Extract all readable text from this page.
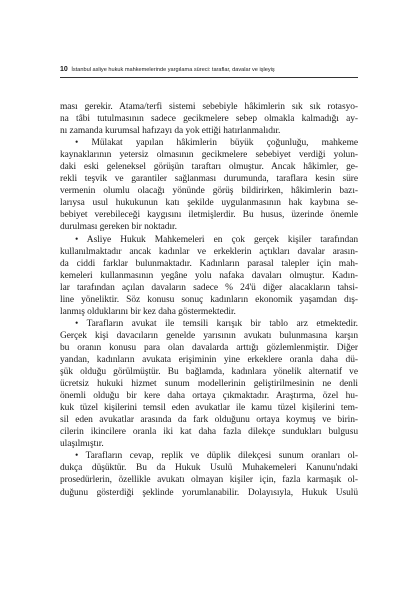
10 İstanbul asliye hukuk mahkemelerinde yargılama süreci: taraflar, davalar ve işleyiş
ması gerekir. Atama/terfi sistemi sebebiyle hâkimlerin sık sık rotasyo-
na tâbi tutulmasının sadece gecikmelere sebep olmakla kalmadığı ay-
nı zamanda kurumsal hafızayı da yok ettiği hatırlanmalıdır.
• Mülakat yapılan hâkimlerin büyük çoğunluğu, mahkeme
kaynaklarının yetersiz olmasının gecikmelere sebebiyet verdiği yolun-
daki eski geleneksel görüşün taraftarı olmuştur. Ancak hâkimler, ge-
rekli teşvik ve garantiler sağlanması durumunda, taraflara kesin süre
vermenin olumlu olacağı yönünde görüş bildirirken, hâkimlerin bazı-
larıysa usul hukukunun katı şekilde uygulanmasının hak kaybına se-
bebiyet verebileceği kaygısını iletmişlerdir. Bu husus, üzerinde önemle
durulması gereken bir noktadır.
• Asliye Hukuk Mahkemeleri en çok gerçek kişiler tarafından
kullanılmaktadır ancak kadınlar ve erkeklerin açtıkları davalar arasın-
da ciddi farklar bulunmaktadır. Kadınların parasal talepler için mah-
kemeleri kullanmasının yegâne yolu nafaka davaları olmuştur. Kadın-
lar tarafından açılan davaların sadece % 24'ü diğer alacakların tahsi-
line yöneliktir. Söz konusu sonuç kadınların ekonomik yaşamdan dış-
lanmış olduklarını bir kez daha göstermektedir.
• Tarafların avukat ile temsili karışık bir tablo arz etmektedir.
Gerçek kişi davacıların genelde yarısının avukatı bulunmasına karşın
bu oranın konusu para olan davalarda arttığı gözlemlenmiştir. Diğer
yandan, kadınların avukata erişiminin yine erkeklere oranla daha dü-
şük olduğu görülmüştür. Bu bağlamda, kadınlara yönelik alternatif ve
ücretsiz hukuki hizmet sunum modellerinin geliştirilmesinin ne denli
önemli olduğu bir kere daha ortaya çıkmaktadır. Araştırma, özel hu-
kuk tüzel kişilerini temsil eden avukatlar ile kamu tüzel kişilerini tem-
sil eden avukatlar arasında da fark olduğunu ortaya koymuş ve birin-
cilerin ikincilere oranla iki kat daha fazla dilekçe sundukları bulgusu
ulaşılmıştır.
• Tarafların cevap, replik ve düplik dilekçesi sunum oranları ol-
dukça düşüktür. Bu da Hukuk Usulü Muhakemeleri Kanunu'ndaki
prosedürlerin, özellikle avukatı olmayan kişiler için, fazla karmaşık ol-
duğunu gösterdiği şeklinde yorumlanabilir. Dolayısıyla, Hukuk Usulü
